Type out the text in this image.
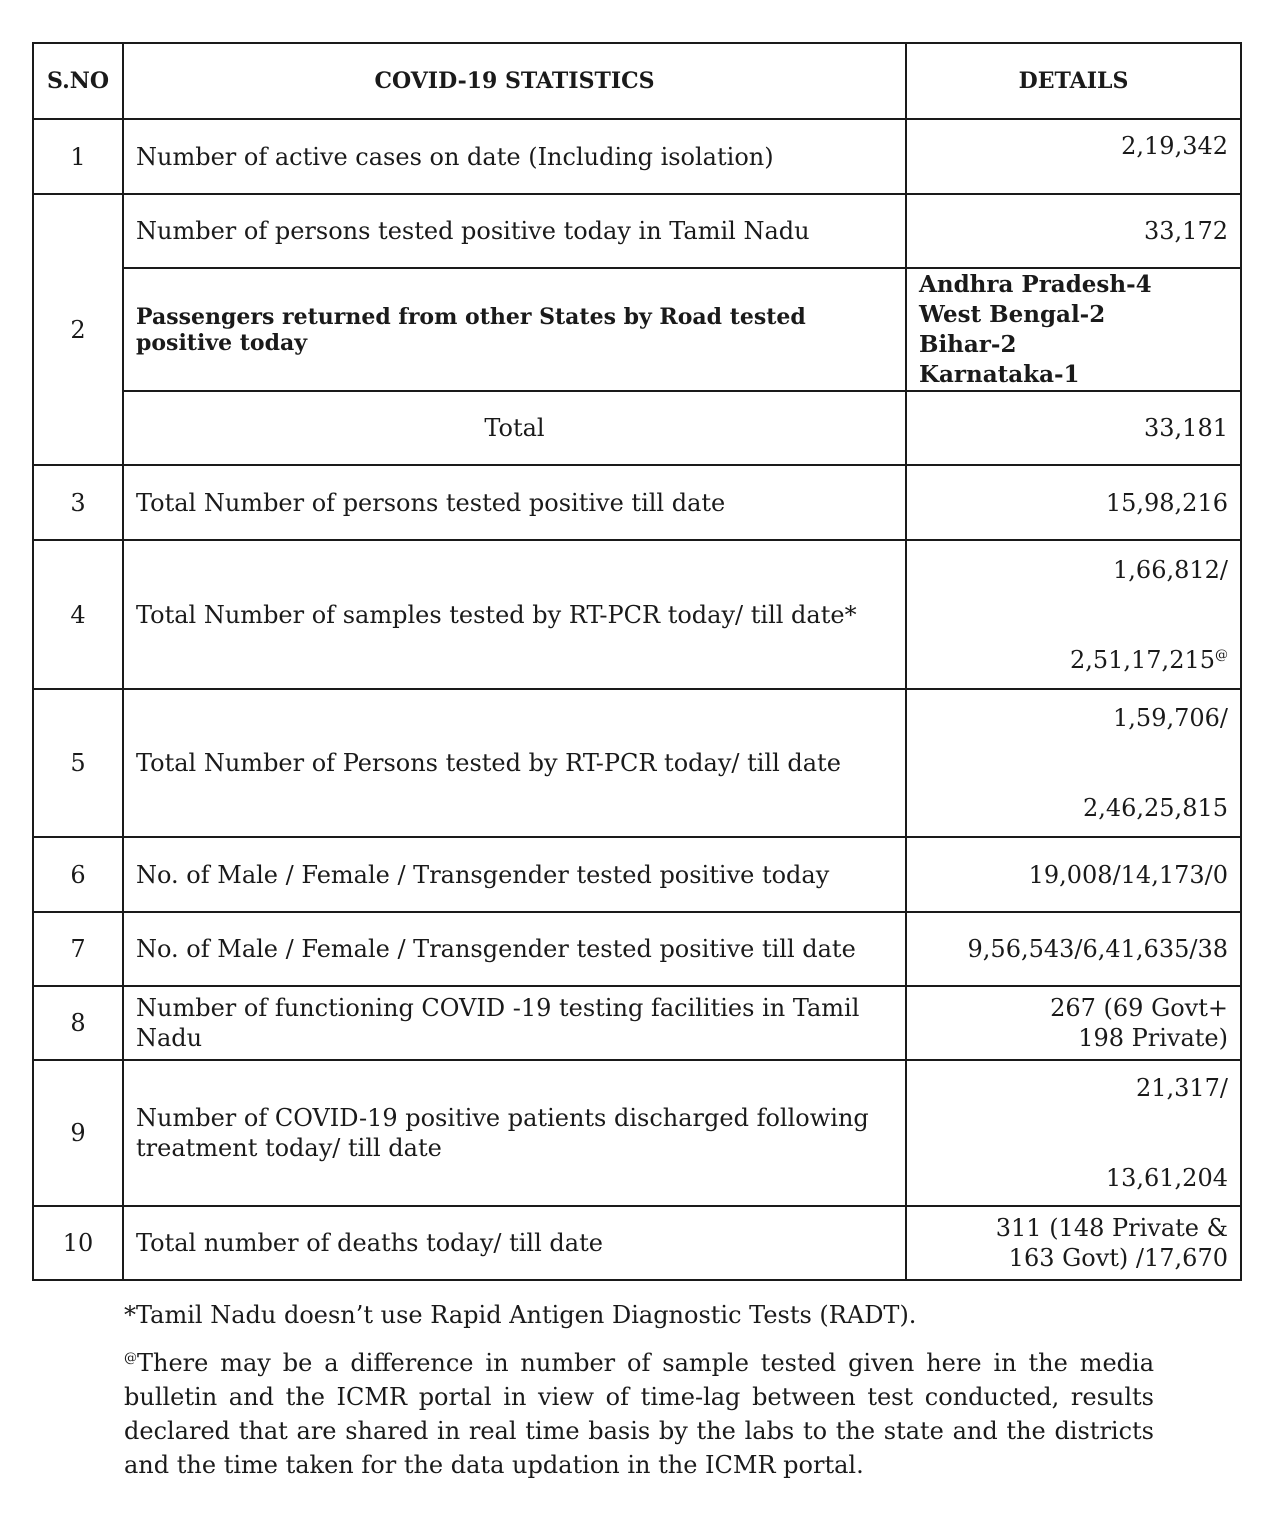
S.NO	COVID-19 STATISTICS	DETAILS
1	Number of active cases on date (Including isolation)	2,19,342
2	Number of persons tested positive today in Tamil Nadu	33,172
	Passengers returned from other States by Road tested positive today	Andhra Pradesh-4
West Bengal-2
Bihar-2
Karnataka-1

	Total	33,181
3	Total Number of persons tested positive till date	15,98,216
4	Total Number of samples tested by RT-PCR today/ till date*	1,66,812/
2,51,17,215@

5	Total Number of Persons tested by RT-PCR today/ till date	1,59,706/
2,46,25,815

6	No. of Male / Female / Transgender tested positive today	19,008/14,173/0
7	No. of Male / Female / Transgender tested positive till date	9,56,543/6,41,635/38
8	Number of functioning COVID -19 testing facilities in Tamil Nadu	267 (69 Govt+
198 Private)

9	Number of COVID-19 positive patients discharged following treatment today/ till date	21,317/
13,61,204

10	Total number of deaths today/ till date	311 (148 Private &
163 Govt) /17,670
*Tamil Nadu doesn’t use Rapid Antigen Diagnostic Tests (RADT).
@There may be a difference in number of sample tested given here in the media bulletin and the ICMR portal in view of time-lag between test conducted, results declared that are shared in real time basis by the labs to the state and the districts and the time taken for the data updation in the ICMR portal.
